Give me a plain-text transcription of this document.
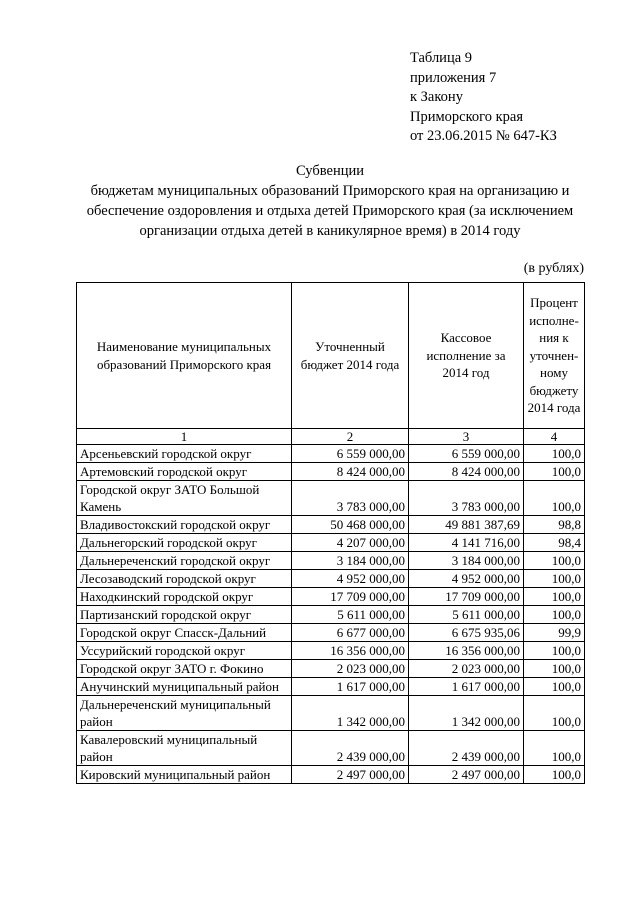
Таблица 9
приложения 7
к Закону
Приморского края
от 23.06.2015 № 647-КЗ
Субвенции
бюджетам муниципальных образований Приморского края на организацию и обеспечение оздоровления и отдыха детей Приморского края (за исключением организации отдыха детей в каникулярное время) в 2014 году
(в рублях)
Наименование муниципальных образований Приморского края	Уточненный бюджет 2014 года	Кассовое исполнение за 2014 год	Процент исполне-ния к уточнен-ному бюджету 2014 года
1	2	3	4
Арсеньевский городской округ	6 559 000,00	6 559 000,00	100,0
Артемовский городской округ	8 424 000,00	8 424 000,00	100,0
Городской округ ЗАТО Большой Камень	3 783 000,00	3 783 000,00	100,0
Владивостокский городской округ	50 468 000,00	49 881 387,69	98,8
Дальнегорский городской округ	4 207 000,00	4 141 716,00	98,4
Дальнереченский городской округ	3 184 000,00	3 184 000,00	100,0
Лесозаводский городской округ	4 952 000,00	4 952 000,00	100,0
Находкинский городской округ	17 709 000,00	17 709 000,00	100,0
Партизанский городской округ	5 611 000,00	5 611 000,00	100,0
Городской округ Спасск-Дальний	6 677 000,00	6 675 935,06	99,9
Уссурийский городской округ	16 356 000,00	16 356 000,00	100,0
Городской округ ЗАТО г. Фокино	2 023 000,00	2 023 000,00	100,0
Анучинский муниципальный район	1 617 000,00	1 617 000,00	100,0
Дальнереченский муниципальный район	1 342 000,00	1 342 000,00	100,0
Кавалеровский муниципальный район	2 439 000,00	2 439 000,00	100,0
Кировский муниципальный район	2 497 000,00	2 497 000,00	100,0
